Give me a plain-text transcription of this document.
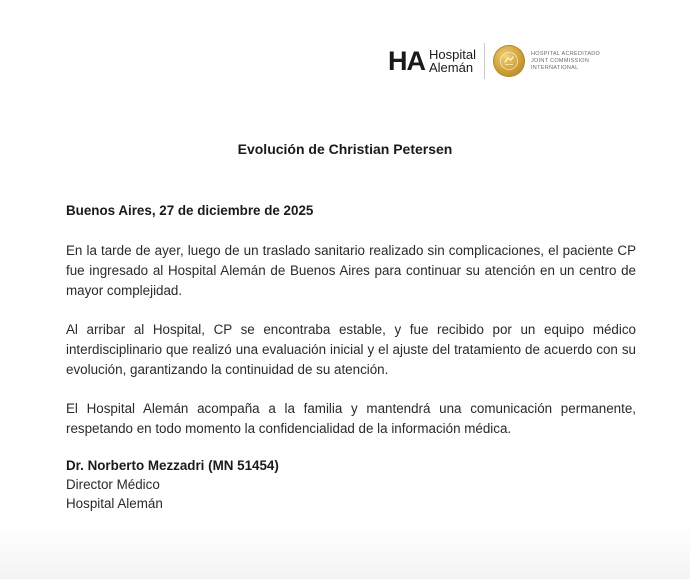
HA Hospital
Alemán
HOSPITAL ACREDITADO
JOINT COMMISSION
INTERNATIONAL
Evolución de Christian Petersen

Buenos Aires, 27 de diciembre de 2025

En la tarde de ayer, luego de un traslado sanitario realizado sin complicaciones, el paciente CP fue ingresado al Hospital Alemán de Buenos Aires para continuar su atención en un centro de mayor complejidad.

Al arribar al Hospital, CP se encontraba estable, y fue recibido por un equipo médico interdisciplinario que realizó una evaluación inicial y el ajuste del tratamiento de acuerdo con su evolución, garantizando la continuidad de su atención.

El Hospital Alemán acompaña a la familia y mantendrá una comunicación permanente, respetando en todo momento la confidencialidad de la información médica.

Dr. Norberto Mezzadri (MN 51454)
Director Médico
Hospital Alemán
